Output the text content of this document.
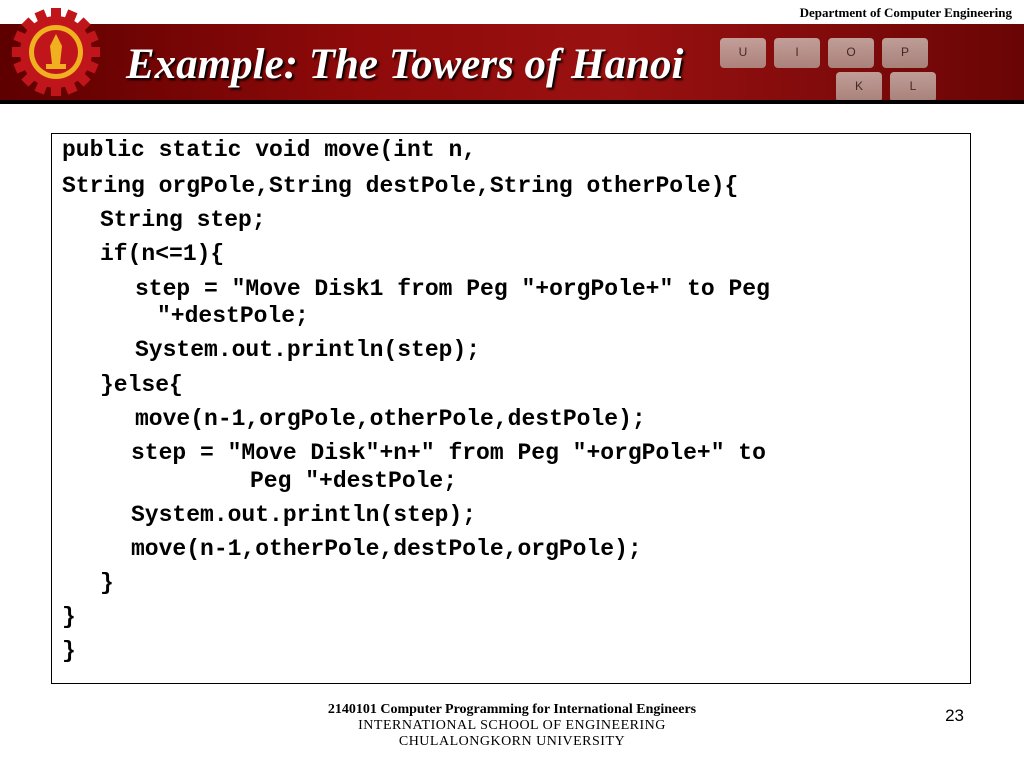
Department of Computer Engineering
U	I	O	P
K	L
Example: The Towers of Hanoi
public static void move(int n,
String orgPole,String destPole,String otherPole){
String step;
if(n<=1){
step = "Move Disk1 from Peg "+orgPole+" to Peg
"+destPole;
System.out.println(step);
}else{
move(n-1,orgPole,otherPole,destPole);
step = "Move Disk"+n+" from Peg "+orgPole+" to
Peg "+destPole;
System.out.println(step);
move(n-1,otherPole,destPole,orgPole);
}
}
}
2140101 Computer Programming for International Engineers
INTERNATIONAL SCHOOL OF ENGINEERING
CHULALONGKORN UNIVERSITY
23
